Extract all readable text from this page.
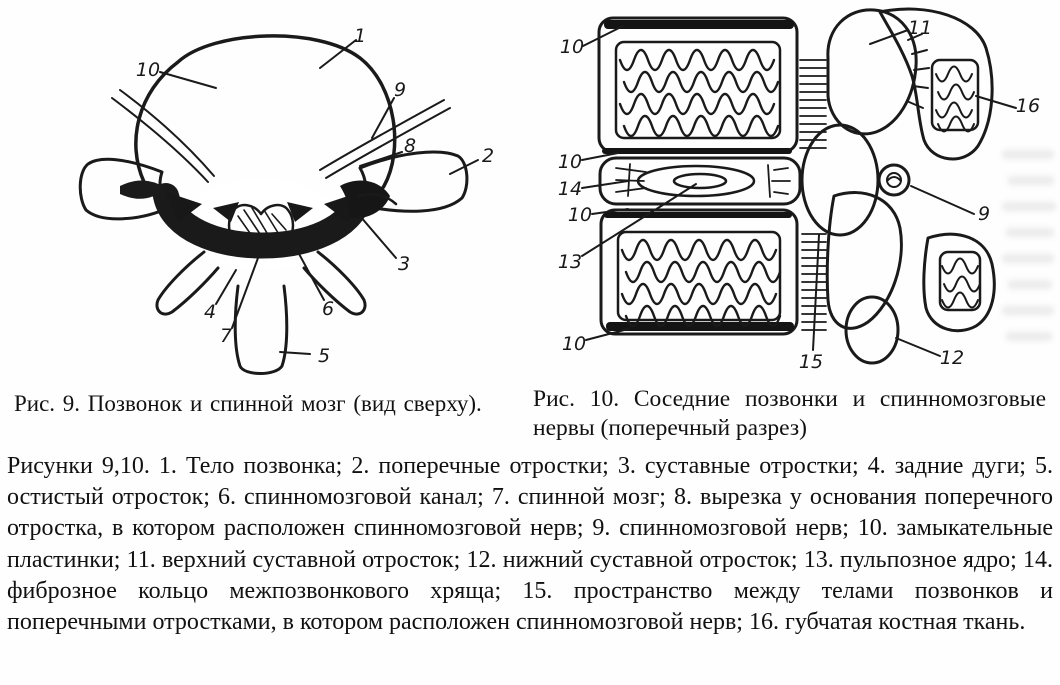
1
10
9
8	2
3
6
4
7
5
10
11
16
10
14
10
13
9
15	12
10
Рис. 9. Позвонок и спинной мозг (вид сверху).	Рис. 10. Соседние позвонки и спинномозговые нервы (поперечный разрез)

Рисунки 9,10. 1. Тело позвонка; 2. поперечные отростки; 3. суставные отростки; 4. задние дуги; 5. остистый отросток; 6. спинномозговой канал; 7. спинной мозг; 8. вырезка у основания поперечного отростка, в котором расположен спинномозговой нерв; 9. спинномозговой нерв; 10. замыкательные пластинки; 11. верхний суставной отросток; 12. нижний суставной отросток; 13. пульпозное ядро; 14. фиброзное кольцо межпозвонкового хряща; 15. пространство между телами позвонков и поперечными отростками, в котором расположен спинномозговой нерв; 16. губчатая костная ткань.
